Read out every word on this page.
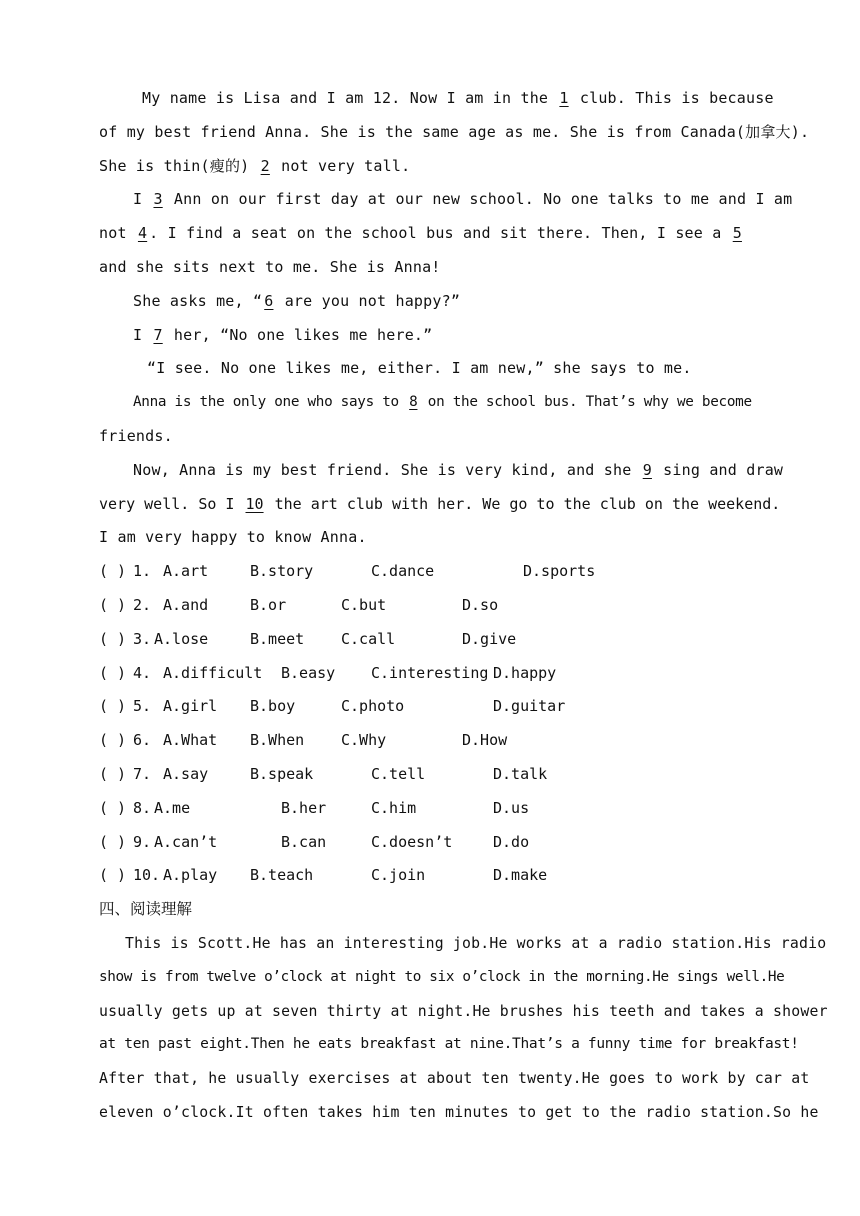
My name is Lisa and I am 12. Now I am in the 1 club. This is because
of my best friend Anna. She is the same age as me. She is from Canada(加拿大).
She is thin(瘦的) 2 not very tall.
I 3 Ann on our first day at our new school. No one talks to me and I am
not 4. I find a seat on the school bus and sit there. Then, I see a 5
and she sits next to me. She is Anna!
She asks me, “6 are you not happy?”
I 7 her, “No one likes me here.”
“I see. No one likes me, either. I am new,” she says to me.
Anna is the only one who says to 8 on the school bus. That’s why we become
friends.
Now, Anna is my best friend. She is very kind, and she 9 sing and draw
very well. So I 10 the art club with her. We go to the club on the weekend.
I am very happy to know Anna.
( ) 1. A.art	B.story	C.dance	D.sports
( ) 2. A.and	B.or	C.but	D.so
( ) 3. A.lose	B.meet C.call	D.give
( ) 4. A.difficult B.easy C.interesting D.happy
( ) 5. A.girl B.boy	C.photo	D.guitar
( ) 6. A.What B.When C.Why	D.How
( ) 7. A.say	B.speak	C.tell	D.talk
( ) 8. A.me	B.her	C.him	D.us
( ) 9. A.can’t	B.can	C.doesn’t	D.do
( ) 10. A.play B.teach	C.join	D.make
四、阅读理解
This is Scott.He has an interesting job.He works at a radio station.His radio
show is from twelve o’clock at night to six o’clock in the morning.He sings well.He
usually gets up at seven thirty at night.He brushes his teeth and takes a shower
at ten past eight.Then he eats breakfast at nine.That’s a funny time for breakfast!
After that, he usually exercises at about ten twenty.He goes to work by car at
eleven o’clock.It often takes him ten minutes to get to the radio station.So he
